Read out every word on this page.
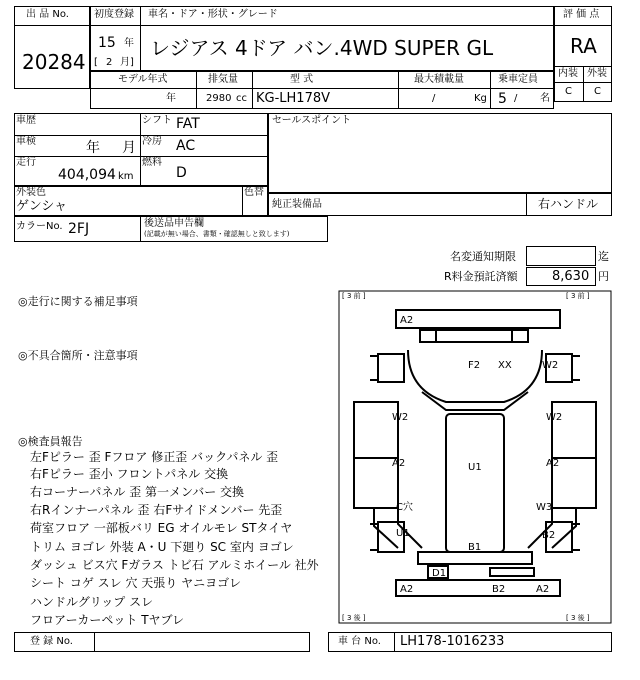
出 品 No.
20284
初度登録 車名・ドア・形状・グレード
15 年
[ 2 月]
レジアス 4ドア バン.4WD SUPER GL
評 価 点
RA
内装 外装
C C
モデル年式	排気量	型 式	最大積載量	乗車定員
年	2980 cc KG-LH178V	/	Kg 5 / 名
車歴
車検	年 月
走行
404,094 km
シフト FAT
冷房 AC
燃料
D
セールスポイント
外装色
ゲンシャ
色替
純正装備品	右ハンドル
カラーNo. 2FJ	後送品申告欄
(記載が無い場合、書類・確認無しと致します)
名変通知期限	迄
R料金預託済額	8,630 円
◎走行に関する補足事項
◎不具合箇所・注意事項
◎検査員報告
左Fピラー 歪 Fフロア 修正歪 バックパネル 歪
右Fピラー 歪小 フロントパネル 交換
右コーナーパネル 歪 第一メンバー 交換
右Rインナーパネル 歪 右Fサイドメンバー 先歪
荷室フロア 一部板バリ EG オイルモレ STタイヤ
トリム ヨゴレ 外装 A・U 下廻り SC 室内 ヨゴレ
ダッシュ ビス穴 Fガラス トビ石 アルミホイール 社外
シート コゲ スレ 穴 天張り ヤニヨゴレ
ハンドルグリップ スレ
フロアーカーペット Tヤブレ
[ 3 前 ]	[ 3 前 ]
[ 3 後 ]	[ 3 後 ]
A2
F2 XX	W2
W2	W2
A2	U1	A2
C穴	W3
U1	B2
B1
D1
A2	B2	A2
登 録 No.	車 台 No. LH178-1016233
